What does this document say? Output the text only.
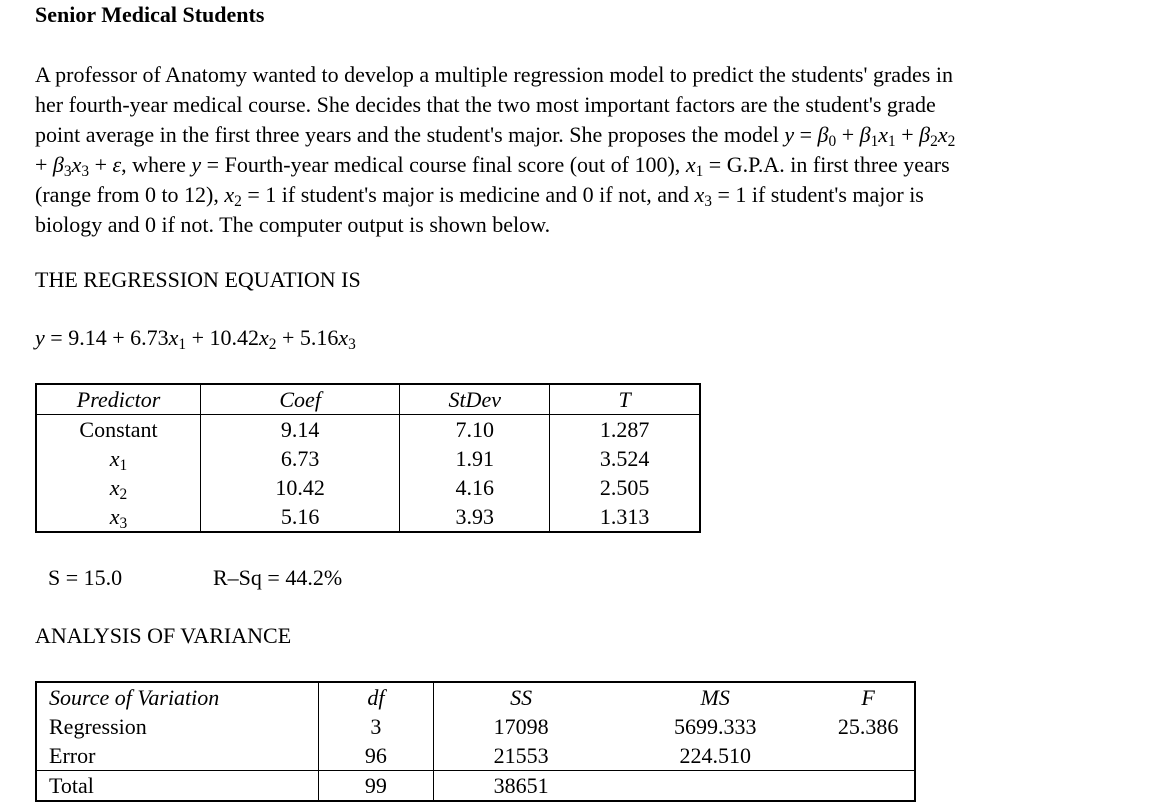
Senior Medical Students
A professor of Anatomy wanted to develop a multiple regression model to predict the students' grades in
her fourth-year medical course. She decides that the two most important factors are the student's grade
point average in the first three years and the student's major. She proposes the model $y = \beta_0 + \beta_1x_1 + \beta_2x_2$
+ $\beta_3x_3 + \varepsilon$, where y = Fourth-year medical course final score (out of 100), $x_1 = G.P.A$. in first three years
(range from 0 to 12), $x_2 = 1$ if student's major is medicine and 0 if not, and $x_3 = 1$ if student's major is
biology and 0 if not. The computer output is shown below.
THE REGRESSION EQUATION IS
$y = 9.14 + 6.73x_1 + 10.42x_2 + 5.16x_3$
Predictor	Coef	StDev	T
Constant	9.14	7.10	1.287
$x_1$	6.73	1.91	3.524
$x_2$	10.42	4.16	2.505
$x_3$	5.16	3.93	1.313
S = 15.0	R–Sq = 44.2%
ANALYSIS OF VARIANCE
Source of Variation	df	SS	MS	F
Regression	3	17098	5699.333	25.386
Error	96	21553	224.510	
Total	99	38651		
